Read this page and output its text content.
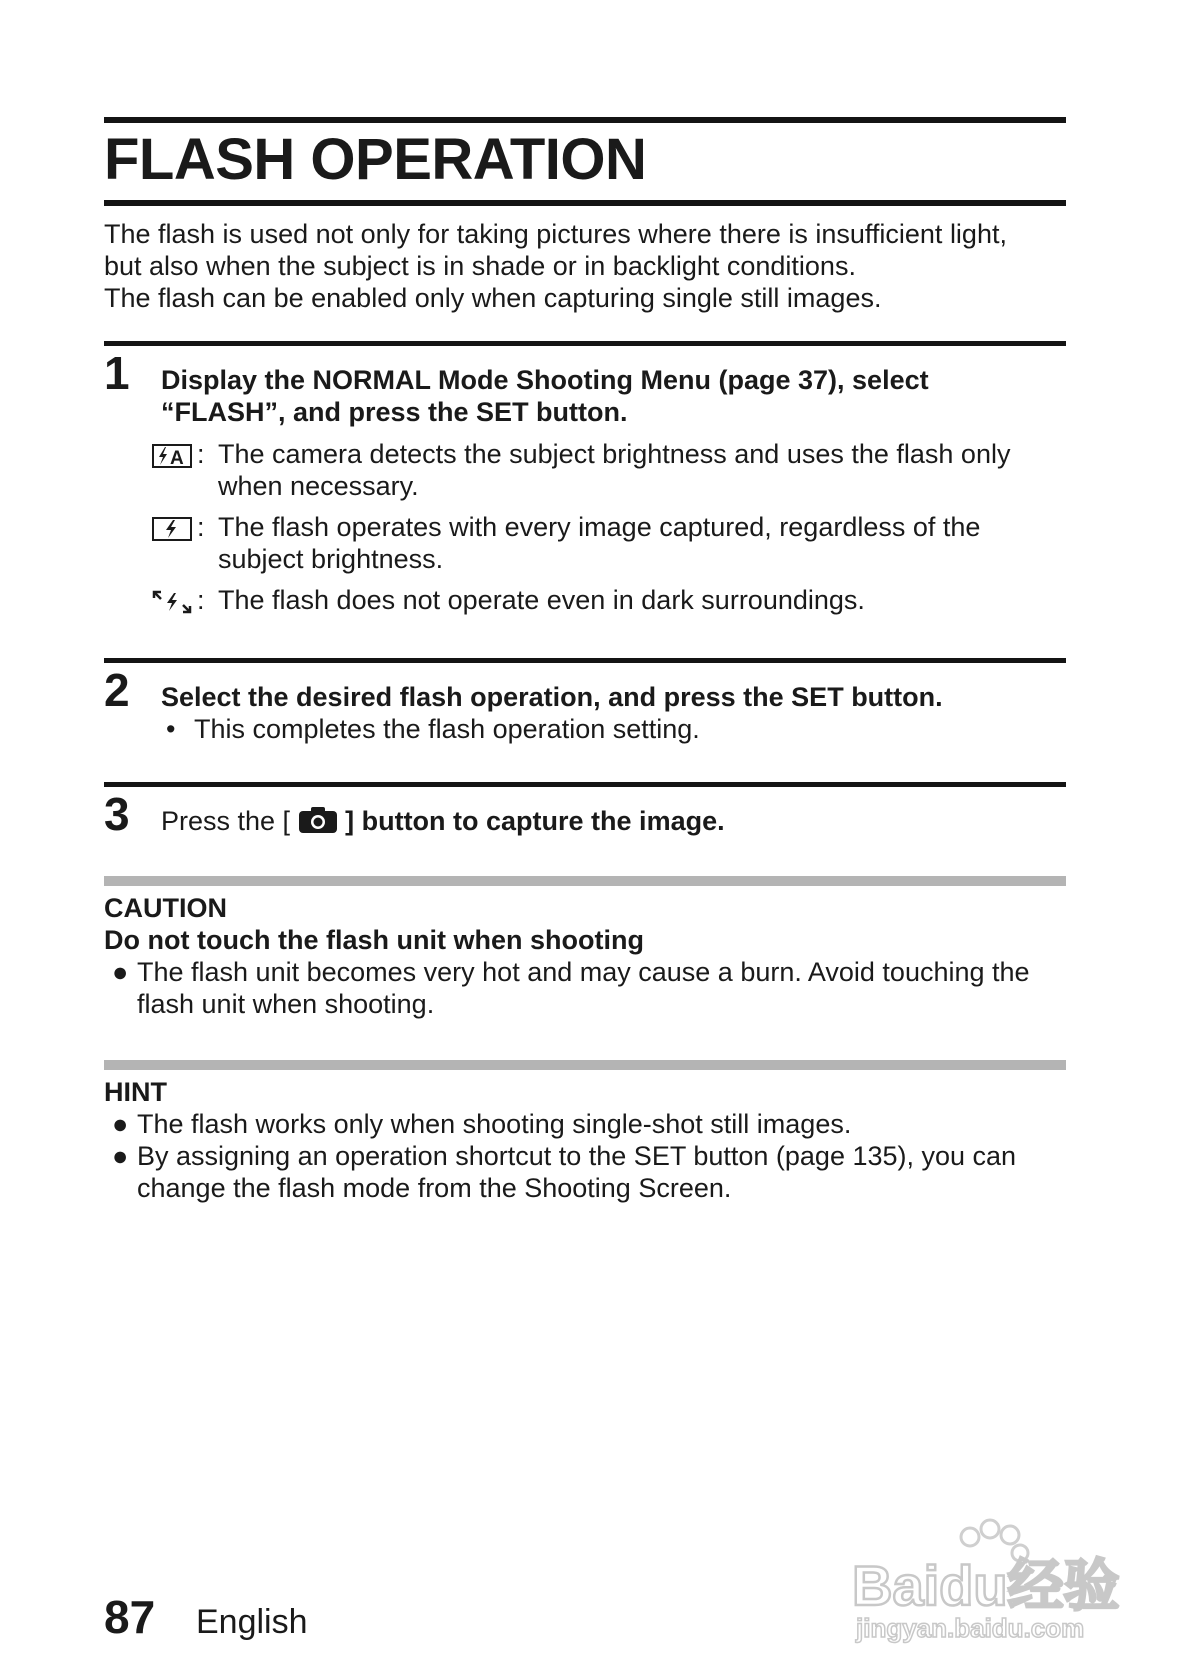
FLASH OPERATION

The flash is used not only for taking pictures where there is insufficient light,

but also when the subject is in shade or in backlight conditions.

The flash can be enabled only when capturing single still images.

1 Display the NORMAL Mode Shooting Menu (page 37), select
“FLASH”, and press the SET button.
A : The camera detects the subject brightness and uses the flash only
when necessary.
: The flash operates with every image captured, regardless of the
subject brightness.
: The flash does not operate even in dark surroundings.
2 Select the desired flash operation, and press the SET button.
• This completes the flash operation setting.
3 Press the [ ] button to capture the image.
CAUTION
Do not touch the flash unit when shooting
● The flash unit becomes very hot and may cause a burn. Avoid touching the
flash unit when shooting.
HINT
● The flash works only when shooting single-shot still images.
● By assigning an operation shortcut to the SET button (page 135), you can
change the flash mode from the Shooting Screen.
87 English
Baidu经验
jingyan.baidu.com
